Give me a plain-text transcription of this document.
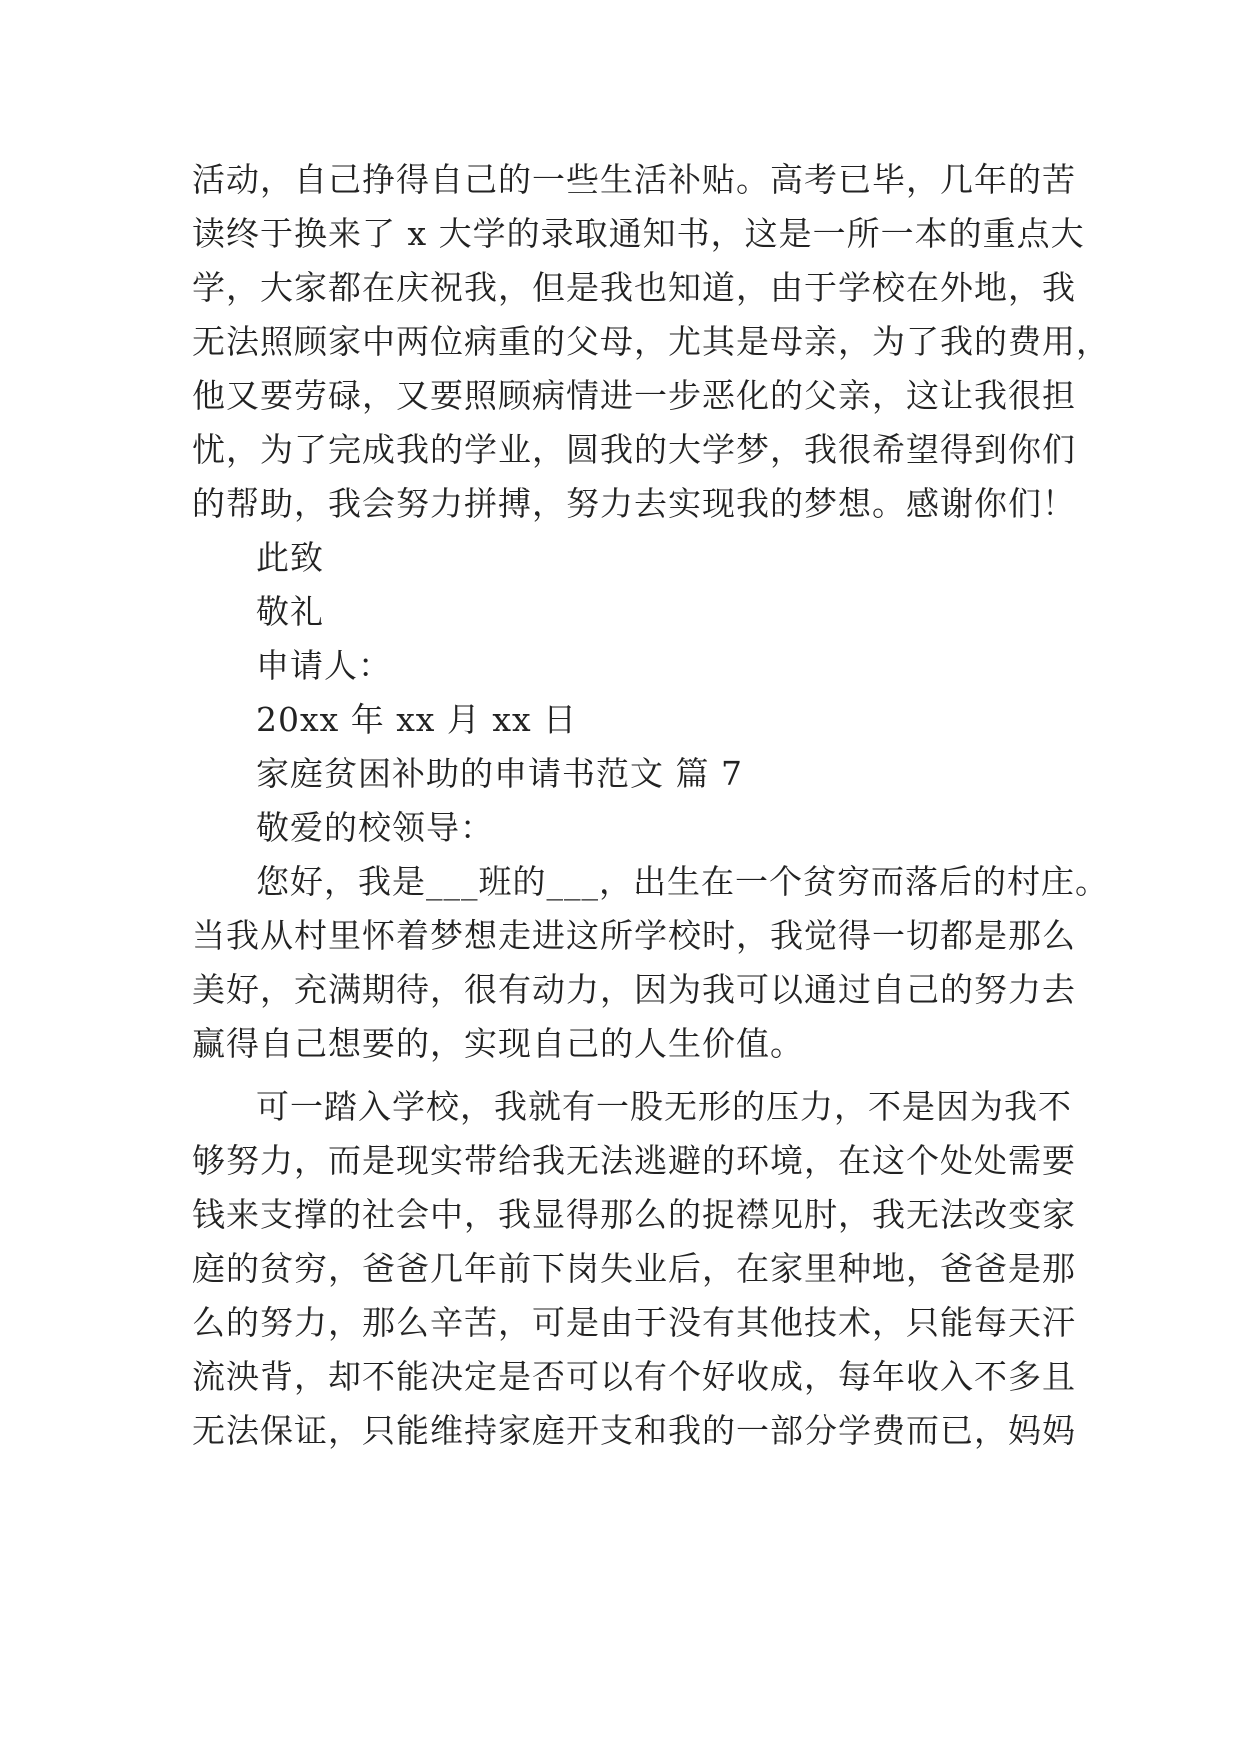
活动，自己挣得自己的一些生活补贴。高考已毕，几年的苦
读终于换来了 x 大学的录取通知书，这是一所一本的重点大
学，大家都在庆祝我，但是我也知道，由于学校在外地，我
无法照顾家中两位病重的父母，尤其是母亲，为了我的费用，
他又要劳碌，又要照顾病情进一步恶化的父亲，这让我很担
忧，为了完成我的学业，圆我的大学梦，我很希望得到你们
的帮助，我会努力拼搏，努力去实现我的梦想。感谢你们！
此致
敬礼
申请人：
20xx 年 xx 月 xx 日
家庭贫困补助的申请书范文 篇 7
敬爱的校领导：
您好，我是___班的___，出生在一个贫穷而落后的村庄。
当我从村里怀着梦想走进这所学校时，我觉得一切都是那么
美好，充满期待，很有动力，因为我可以通过自己的努力去
赢得自己想要的，实现自己的人生价值。
可一踏入学校，我就有一股无形的压力，不是因为我不
够努力，而是现实带给我无法逃避的环境，在这个处处需要
钱来支撑的社会中，我显得那么的捉襟见肘，我无法改变家
庭的贫穷，爸爸几年前下岗失业后，在家里种地，爸爸是那
么的努力，那么辛苦，可是由于没有其他技术，只能每天汗
流泱背，却不能决定是否可以有个好收成，每年收入不多且
无法保证，只能维持家庭开支和我的一部分学费而已，妈妈
